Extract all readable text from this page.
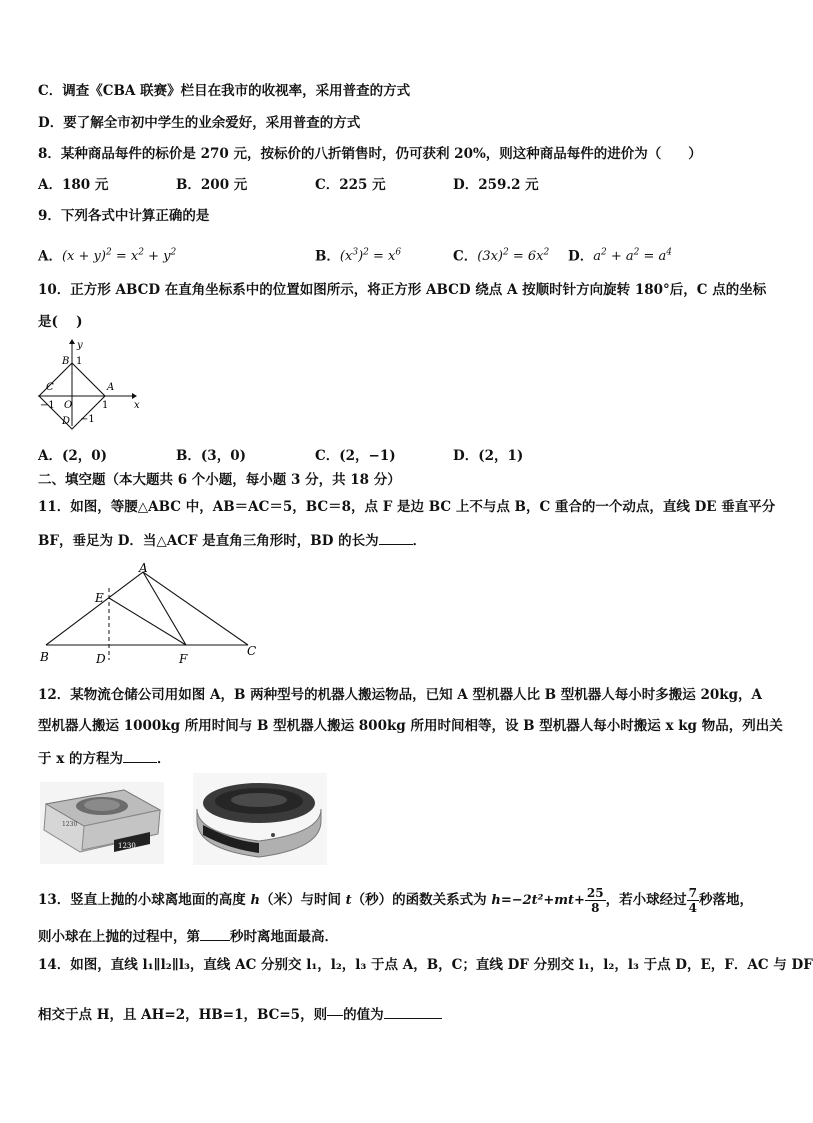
C．调查《CBA 联赛》栏目在我市的收视率，采用普查的方式
D．要了解全市初中学生的业余爱好，采用普查的方式
8．某种商品每件的标价是 270 元，按标价的八折销售时，仍可获利 20%，则这种商品每件的进价为（　　）
A．180 元	B．200 元	C．225 元	D．259.2 元
9．下列各式中计算正确的是
A．$(x + y)^2 = x^2 + y^2$	B．$(x^3)^2 = x^6$	C．$(3x)^2 = 6x^2$ D．$a^2 + a^2 = a^4$
10．正方形 ABCD 在直角坐标系中的位置如图所示，将正方形 ABCD 绕点 A 按顺时针方向旋转 180°后，C 点的坐标
是(　 )
y
x
B 1
C	A
−1 O	1
−1
D
A．(2，0)	B．(3，0)	C．(2，−1)	D．(2，1)
二、填空题（本大题共 6 个小题，每小题 3 分，共 18 分）
11．如图，等腰△ABC 中，AB＝AC＝5，BC＝8，点 F 是边 BC 上不与点 B，C 重合的一个动点，直线 DE 垂直平分
BF，垂足为 D．当△ACF 是直角三角形时，BD 的长为	．
A
E
B	D	F
C
12．某物流仓储公司用如图 A，B 两种型号的机器人搬运物品，已知 A 型机器人比 B 型机器人每小时多搬运 20kg，A
型机器人搬运 1000kg 所用时间与 B 型机器人搬运 800kg 所用时间相等，设 B 型机器人每小时搬运 x kg 物品，列出关
于 x 的方程为	．
1230
1230
13．竖直上抛的小球离地面的高度 h（米）与时间 t（秒）的函数关系式为 $h=-2t^2+mt+ \frac{25}{8}$ ，若小球经过 $\frac{7}{4}$ 秒落地，
则小球在上抛的过程中，第 秒时离地面最高．
14．如图，直线 l₁∥l₂∥l₃，直线 AC 分别交 l₁，l₂，l₃ 于点 A，B，C；直线 DF 分别交 l₁，l₂，l₃ 于点 D，E，F．AC 与 DF
相交于点 H，且 AH=2，HB=1，BC=5，则 的值为
